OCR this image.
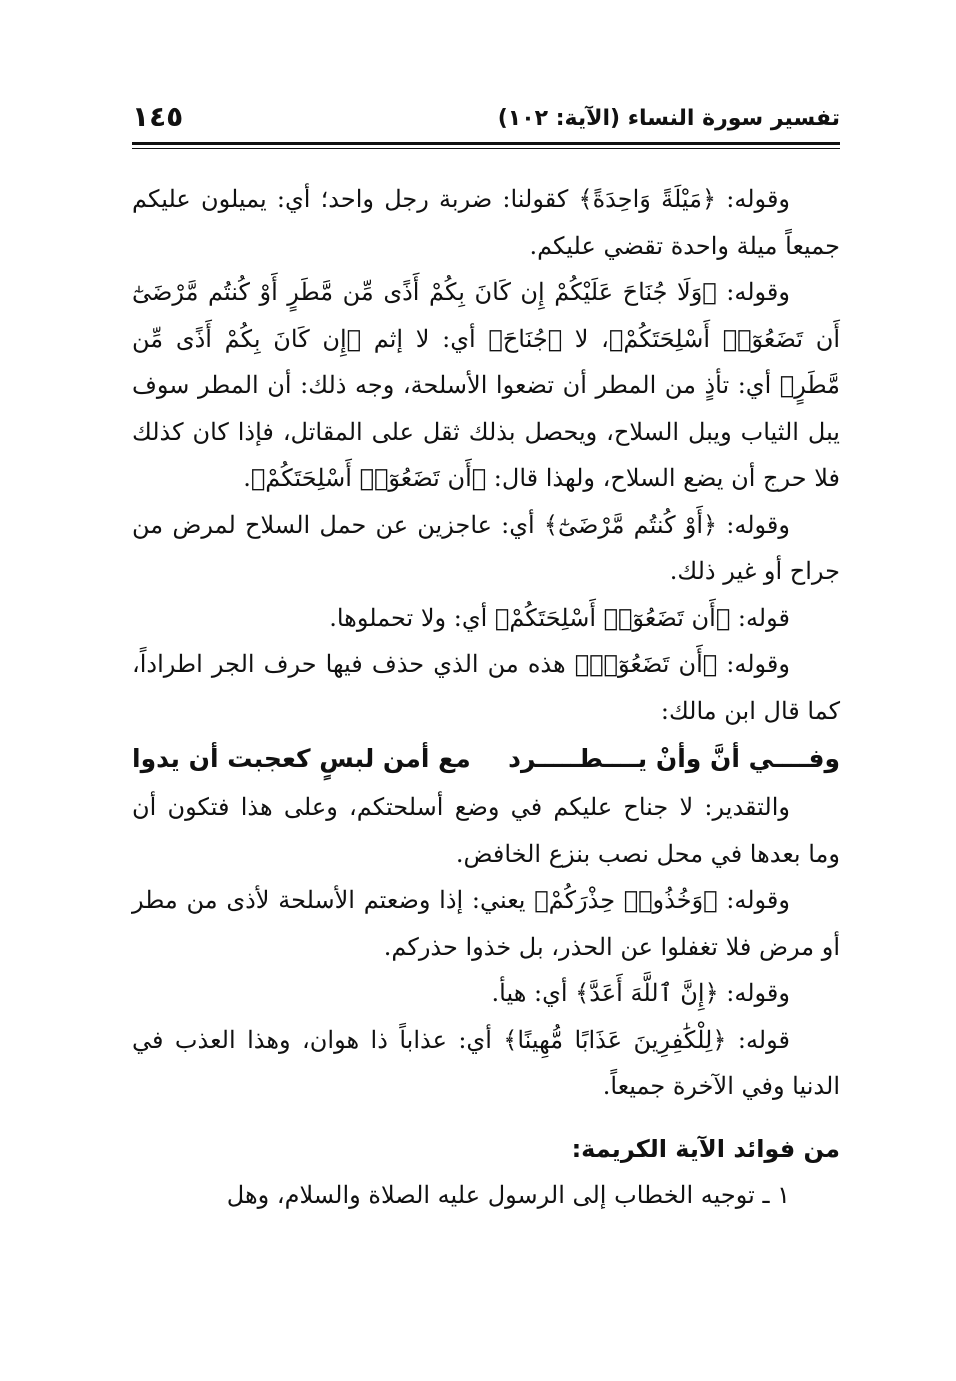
تفسير سورة النساء (الآية: ١٠٢)
١٤٥

وقوله: ﴿مَيْلَةً وَاحِدَةً﴾ كقولنا: ضربة رجل واحد؛ أي: يميلون عليكم جميعاً ميلة واحدة تقضي عليكم.

وقوله: ﴿وَلَا جُنَاحَ عَلَيْكُمْ إِن كَانَ بِكُمْ أَذًى مِّن مَّطَرٍ أَوْ كُنتُم مَّرْضَىٰٓ أَن تَضَعُوٓا۟ أَسْلِحَتَكُمْ﴾، لا ﴿جُنَاحَ﴾ أي: لا إثم ﴿إِن كَانَ بِكُمْ أَذًى مِّن مَّطَرٍ﴾ أي: تأذٍ من المطر أن تضعوا الأسلحة، وجه ذلك: أن المطر سوف يبل الثياب ويبل السلاح، ويحصل بذلك ثقل على المقاتل، فإذا كان كذلك فلا حرج أن يضع السلاح، ولهذا قال: ﴿أَن تَضَعُوٓا۟ أَسْلِحَتَكُمْ﴾.

وقوله: ﴿أَوْ كُنتُم مَّرْضَىٰٓ﴾ أي: عاجزين عن حمل السلاح لمرض من جراح أو غير ذلك.

قوله: ﴿أَن تَضَعُوٓا۟ أَسْلِحَتَكُمْ﴾ أي: ولا تحملوها.

وقوله: ﴿أَن تَضَعُوٓا۟﴾ هذه من الذي حذف فيها حرف الجر اطراداً، كما قال ابن مالك:

وفــــي أنَّ وأنْ يــــطـــــرد
مع أمن لبسٍ كعجبت أن يدوا

والتقدير: لا جناح عليكم في وضع أسلحتكم، وعلى هذا فتكون أن وما بعدها في محل نصب بنزع الخافض.

وقوله: ﴿وَخُذُوا۟ حِذْرَكُمْ﴾ يعني: إذا وضعتم الأسلحة لأذى من مطر أو مرض فلا تغفلوا عن الحذر، بل خذوا حذركم.

وقوله: ﴿إِنَّ ٱللَّهَ أَعَدَّ﴾ أي: هيأ.

قوله: ﴿لِلْكَٰفِرِينَ عَذَابًا مُّهِينًا﴾ أي: عذاباً ذا هوان، وهذا العذب في الدنيا وفي الآخرة جميعاً.

من فوائد الآية الكريمة:

١ ـ توجيه الخطاب إلى الرسول عليه الصلاة والسلام، وهل
